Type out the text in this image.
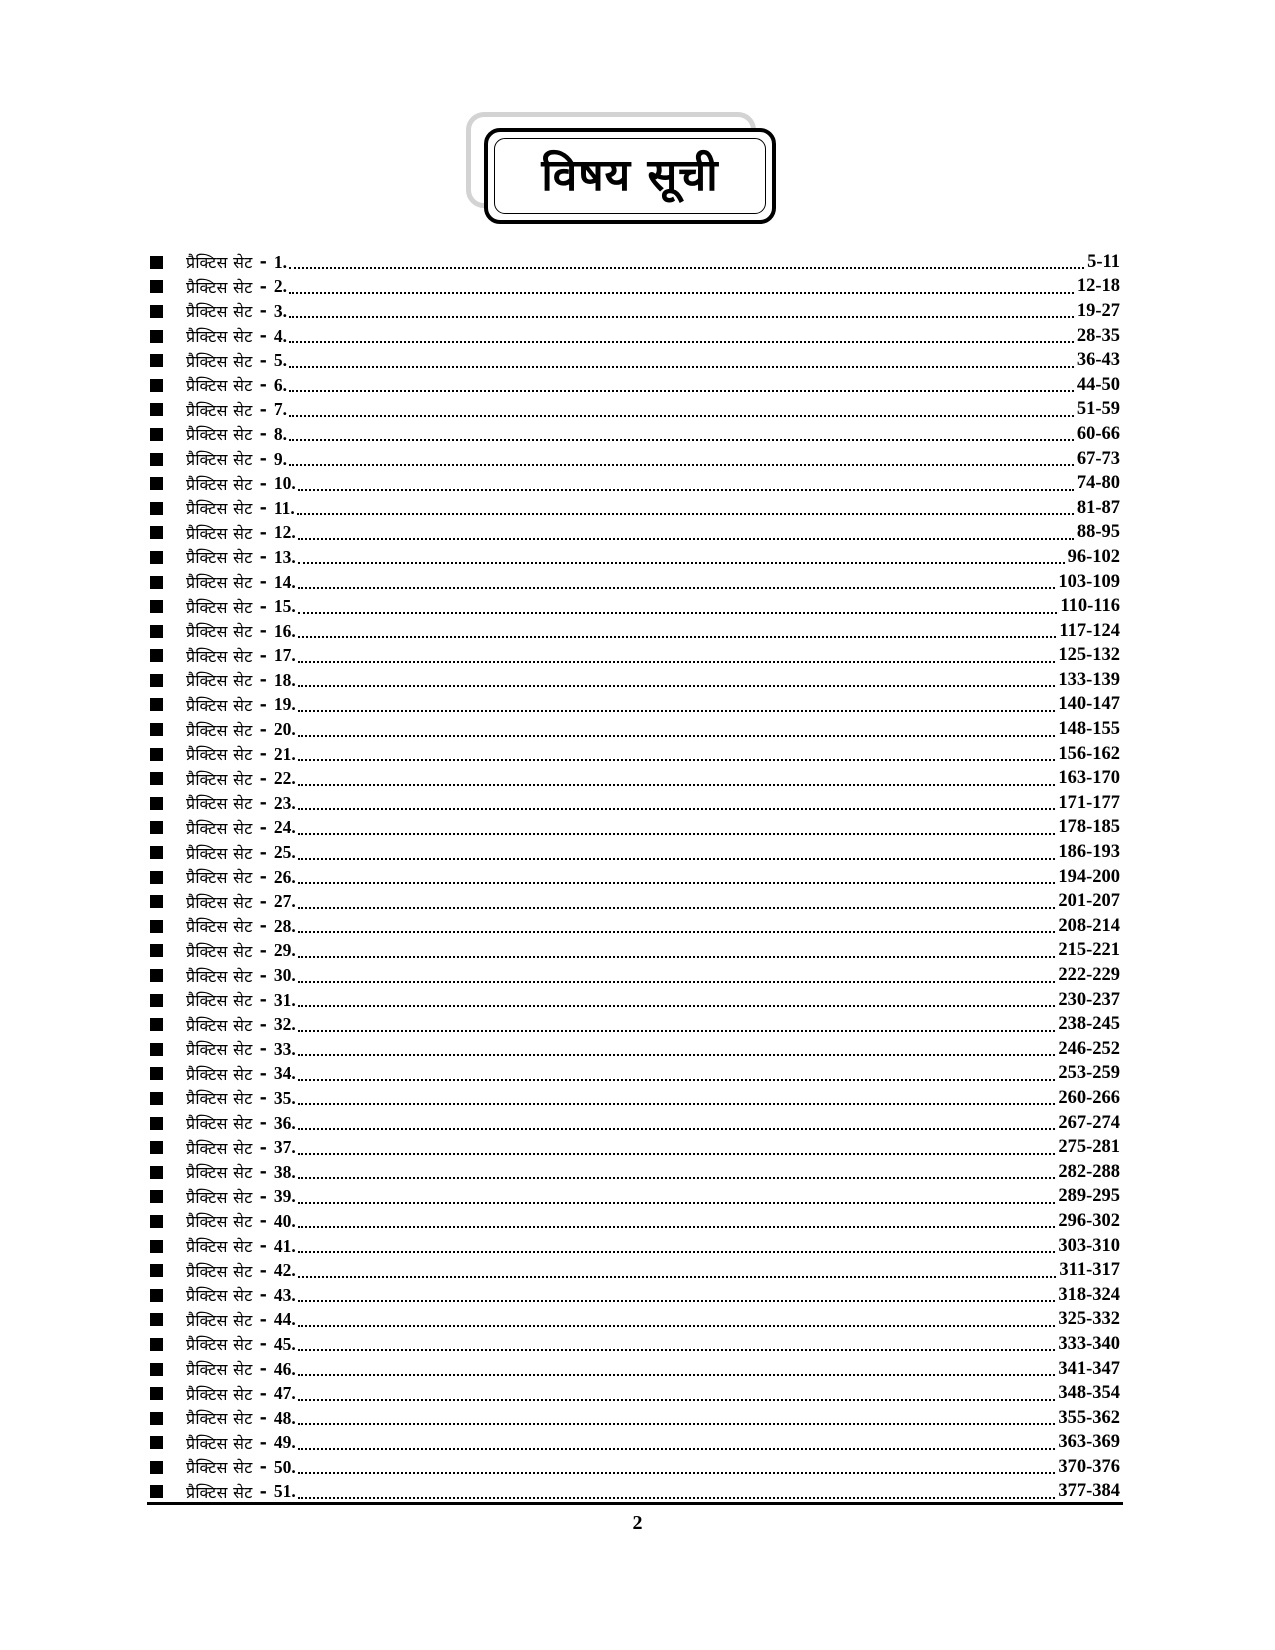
विषय सूची
प्रैक्टिस सेट - 1.	5-11
प्रैक्टिस सेट - 2.	12-18
प्रैक्टिस सेट - 3.	19-27
प्रैक्टिस सेट - 4.	28-35
प्रैक्टिस सेट - 5.	36-43
प्रैक्टिस सेट - 6.	44-50
प्रैक्टिस सेट - 7.	51-59
प्रैक्टिस सेट - 8.	60-66
प्रैक्टिस सेट - 9.	67-73
प्रैक्टिस सेट - 10.	74-80
प्रैक्टिस सेट - 11.	81-87
प्रैक्टिस सेट - 12.	88-95
प्रैक्टिस सेट - 13.	96-102
प्रैक्टिस सेट - 14.	103-109
प्रैक्टिस सेट - 15.	110-116
प्रैक्टिस सेट - 16.	117-124
प्रैक्टिस सेट - 17.	125-132
प्रैक्टिस सेट - 18.	133-139
प्रैक्टिस सेट - 19.	140-147
प्रैक्टिस सेट - 20.	148-155
प्रैक्टिस सेट - 21.	156-162
प्रैक्टिस सेट - 22.	163-170
प्रैक्टिस सेट - 23.	171-177
प्रैक्टिस सेट - 24.	178-185
प्रैक्टिस सेट - 25.	186-193
प्रैक्टिस सेट - 26.	194-200
प्रैक्टिस सेट - 27.	201-207
प्रैक्टिस सेट - 28.	208-214
प्रैक्टिस सेट - 29.	215-221
प्रैक्टिस सेट - 30.	222-229
प्रैक्टिस सेट - 31.	230-237
प्रैक्टिस सेट - 32.	238-245
प्रैक्टिस सेट - 33.	246-252
प्रैक्टिस सेट - 34.	253-259
प्रैक्टिस सेट - 35.	260-266
प्रैक्टिस सेट - 36.	267-274
प्रैक्टिस सेट - 37.	275-281
प्रैक्टिस सेट - 38.	282-288
प्रैक्टिस सेट - 39.	289-295
प्रैक्टिस सेट - 40.	296-302
प्रैक्टिस सेट - 41.	303-310
प्रैक्टिस सेट - 42.	311-317
प्रैक्टिस सेट - 43.	318-324
प्रैक्टिस सेट - 44.	325-332
प्रैक्टिस सेट - 45.	333-340
प्रैक्टिस सेट - 46.	341-347
प्रैक्टिस सेट - 47.	348-354
प्रैक्टिस सेट - 48.	355-362
प्रैक्टिस सेट - 49.	363-369
प्रैक्टिस सेट - 50.	370-376
प्रैक्टिस सेट - 51.	377-384
2
